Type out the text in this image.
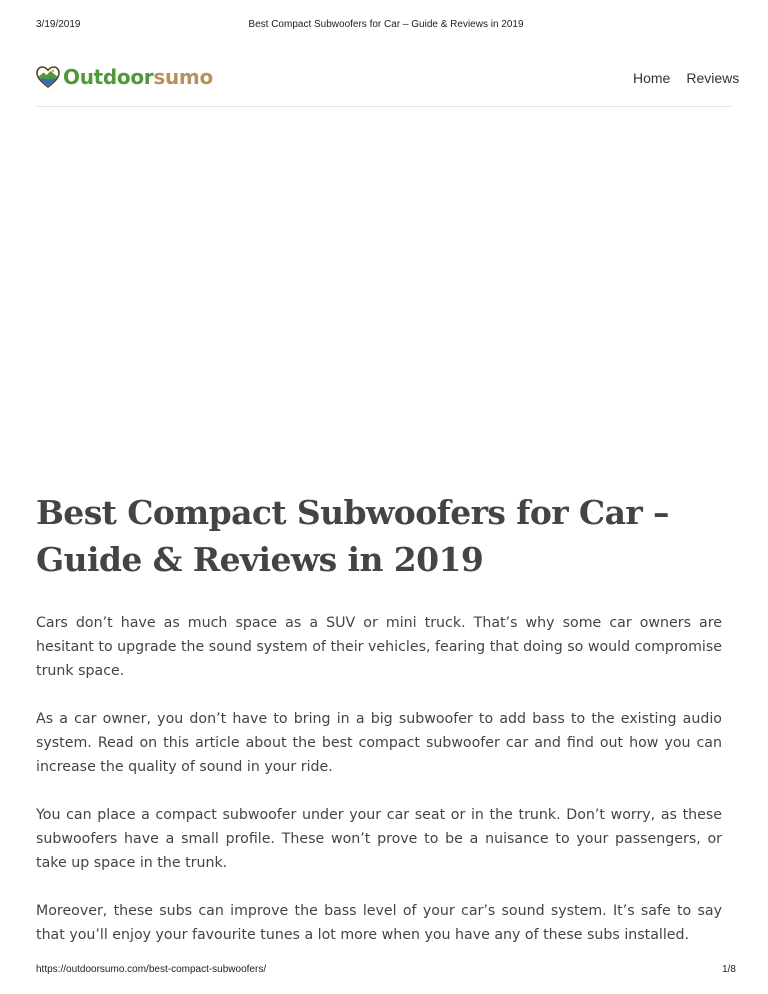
3/19/2019	Best Compact Subwoofers for Car – Guide & Reviews in 2019
Outdoorsumo	Home Reviews
Best Compact Subwoofers for Car – Guide & Reviews in 2019

Cars don’t have as much space as a SUV or mini truck. That’s why some car owners are hesitant to upgrade the sound system of their vehicles, fearing that doing so would compromise trunk space.

As a car owner, you don’t have to bring in a big subwoofer to add bass to the existing audio system. Read on this article about the best compact subwoofer car and find out how you can increase the quality of sound in your ride.

You can place a compact subwoofer under your car seat or in the trunk. Don’t worry, as these subwoofers have a small profile. These won’t prove to be a nuisance to your passengers, or take up space in the trunk.

Moreover, these subs can improve the bass level of your car’s sound system. It’s safe to say that you’ll enjoy your favourite tunes a lot more when you have any of these subs installed.

https://outdoorsumo.com/best-compact-subwoofers/	1/8
